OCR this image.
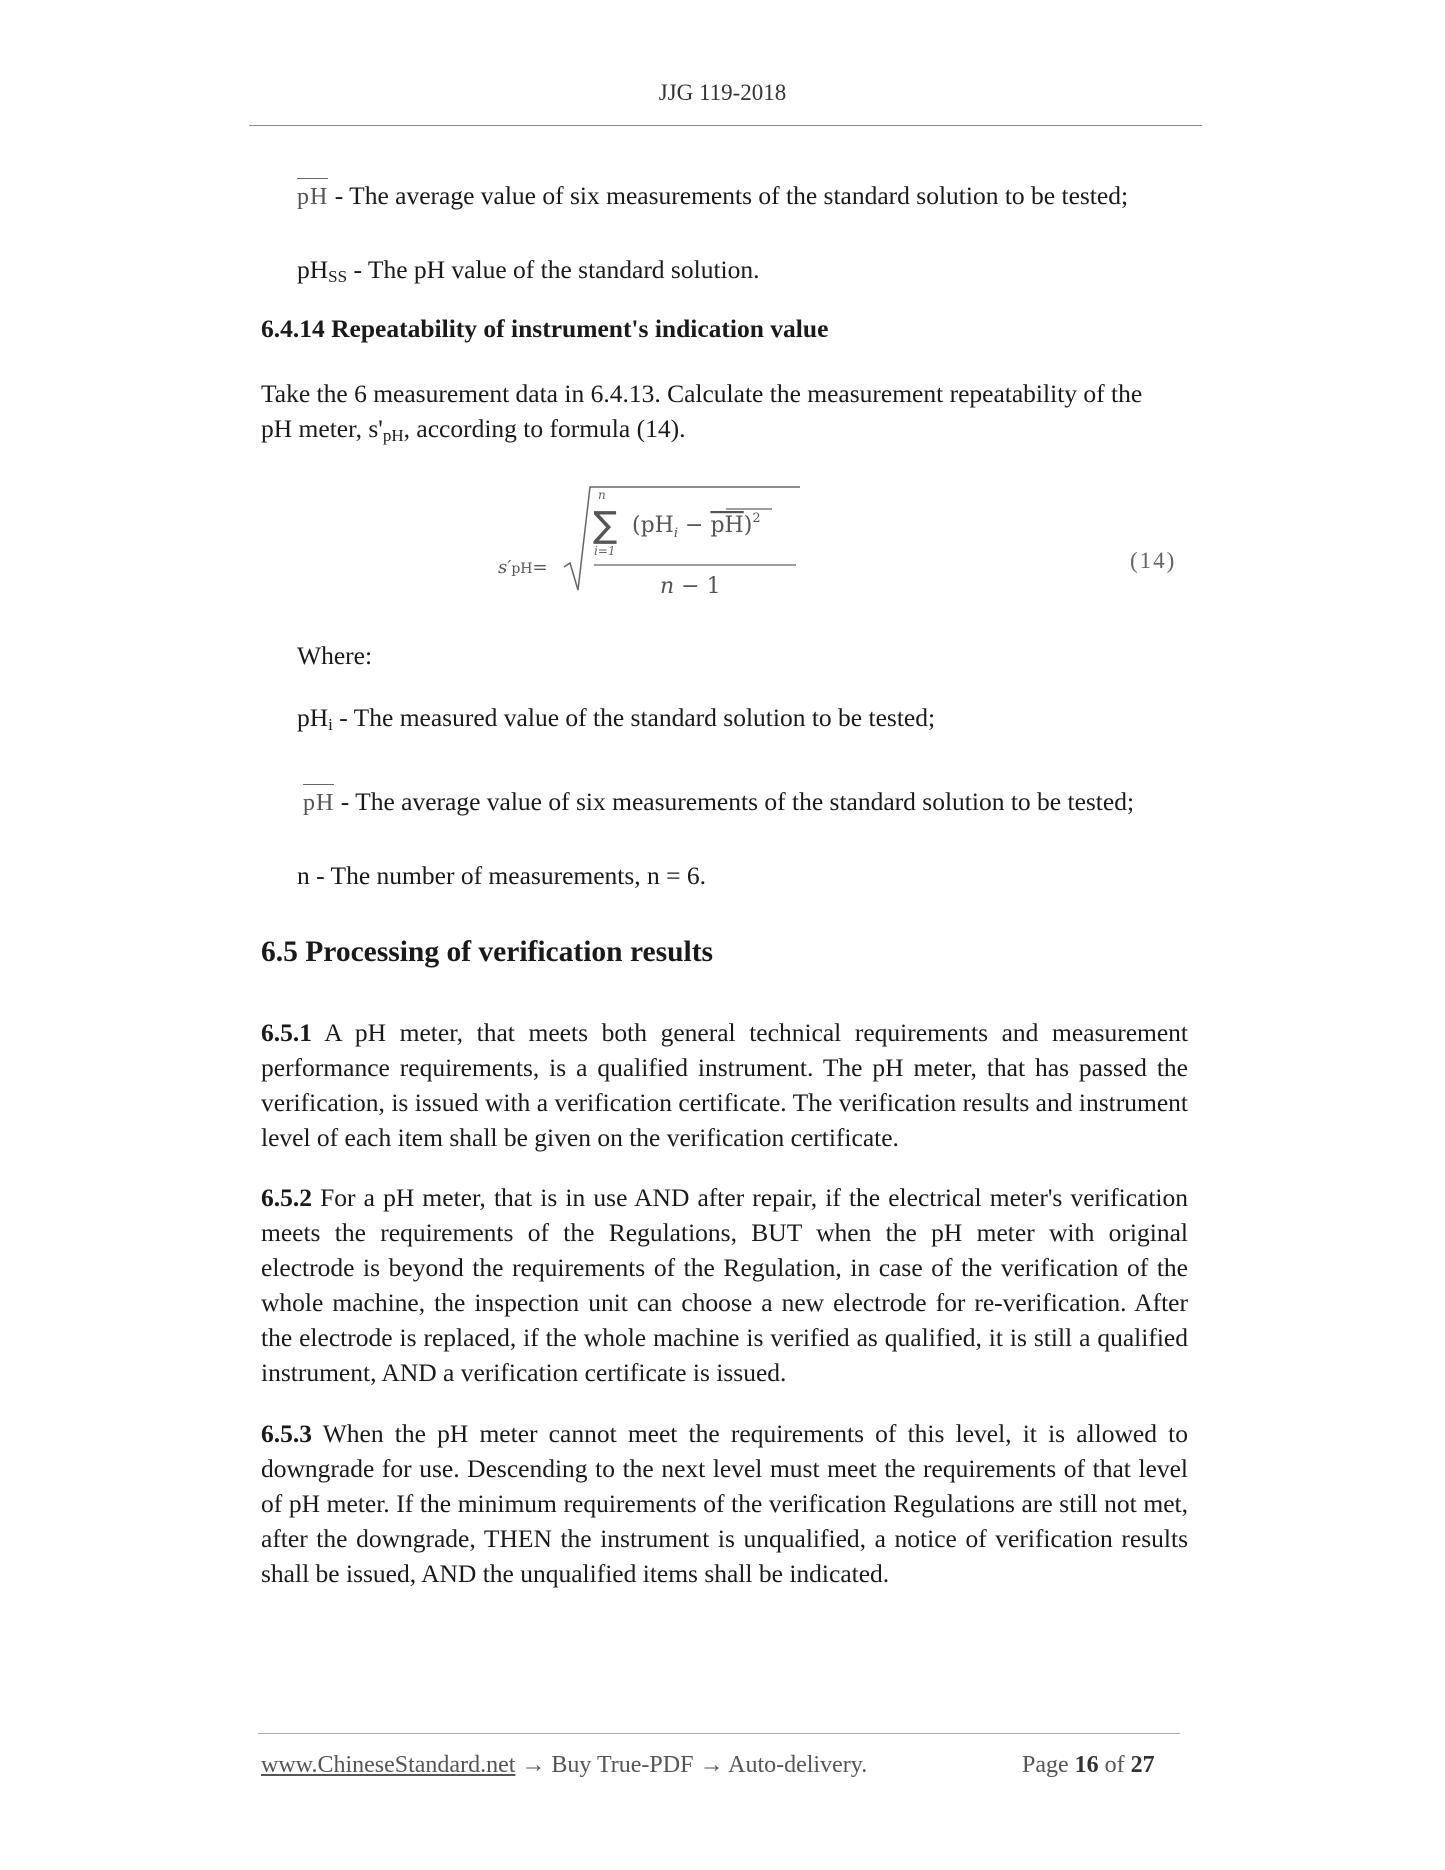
JJG 119-2018
pH - The average value of six measurements of the standard solution to be tested;
$pH_{SS}$ - The pH value of the standard solution.
6.4.14 Repeatability of instrument's indication value
Take the 6 measurement data in 6.4.13. Calculate the measurement repeatability of the
pH meter, $s'_{pH}$, according to formula (14).
s′pH=
n
∑
i=1
$(pH_i - pH)^2$
n − 1
(14)
Where:
$pH_i$ - The measured value of the standard solution to be tested;
pH - The average value of six measurements of the standard solution to be tested;
n - The number of measurements, n = 6.
6.5 Processing of verification results
6.5.1 A pH meter, that meets both general technical requirements and measurement performance requirements, is a qualified instrument. The pH meter, that has passed the verification, is issued with a verification certificate. The verification results and instrument level of each item shall be given on the verification certificate.
6.5.2 For a pH meter, that is in use AND after repair, if the electrical meter's verification meets the requirements of the Regulations, BUT when the pH meter with original electrode is beyond the requirements of the Regulation, in case of the verification of the whole machine, the inspection unit can choose a new electrode for re-verification. After the electrode is replaced, if the whole machine is verified as qualified, it is still a qualified instrument, AND a verification certificate is issued.
6.5.3 When the pH meter cannot meet the requirements of this level, it is allowed to downgrade for use. Descending to the next level must meet the requirements of that level of pH meter. If the minimum requirements of the verification Regulations are still not met, after the downgrade, THEN the instrument is unqualified, a notice of verification results shall be issued, AND the unqualified items shall be indicated.
www.ChineseStandard.net → Buy True-PDF → Auto-delivery.	Page 16 of 27
